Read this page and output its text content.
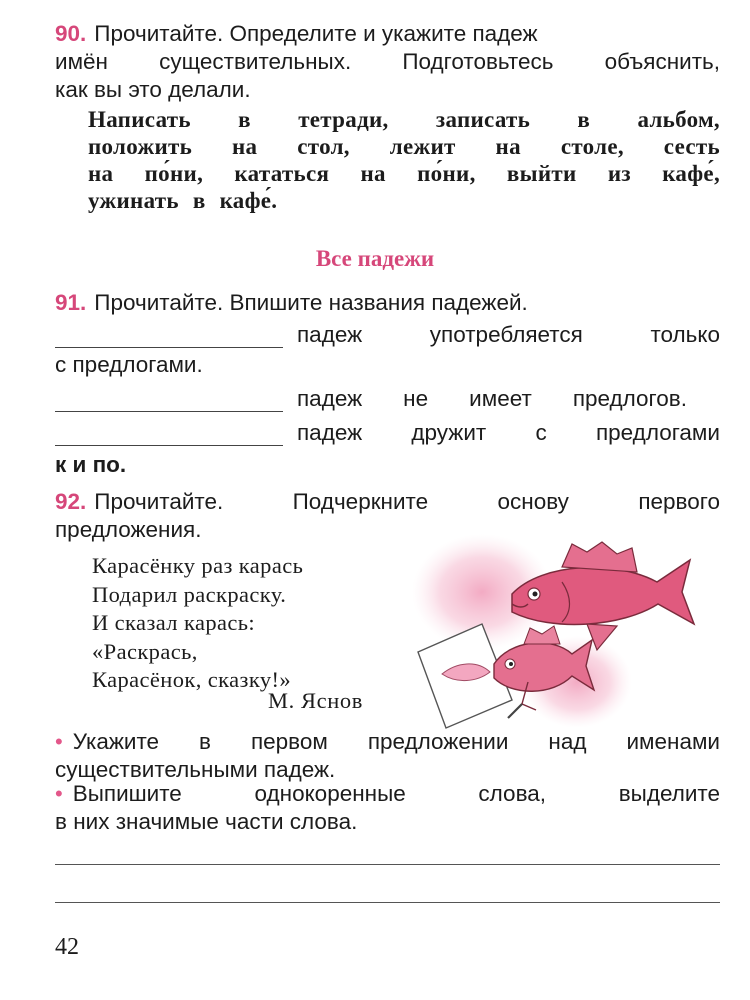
90. Прочитайте. Определите и укажите падеж
имён существительных. Подготовьтесь объяснить,
как вы это делали.
Написать в тетради, записать в альбом,
положить на стол, лежит на столе, сесть
на по́ни, кататься на по́ни, выйти из кафе́,
ужинать в кафе́.
Все падежи
91. Прочитайте. Впишите названия падежей.
падеж	употребляется	только
с предлогами.
падеж не имеет предлогов.
падеж дружит с предлогами
к и по.
92. Прочитайте. Подчеркните основу первого
предложения.
Карасёнку раз карась
Подарил раскраску.
И сказал карась:
«Раскрась,
Карасёнок, сказку!»
М. Яснов
• Укажите в первом предложении над именами
существительными падеж.
• Выпишите однокоренные слова, выделите
в них значимые части слова.
42
